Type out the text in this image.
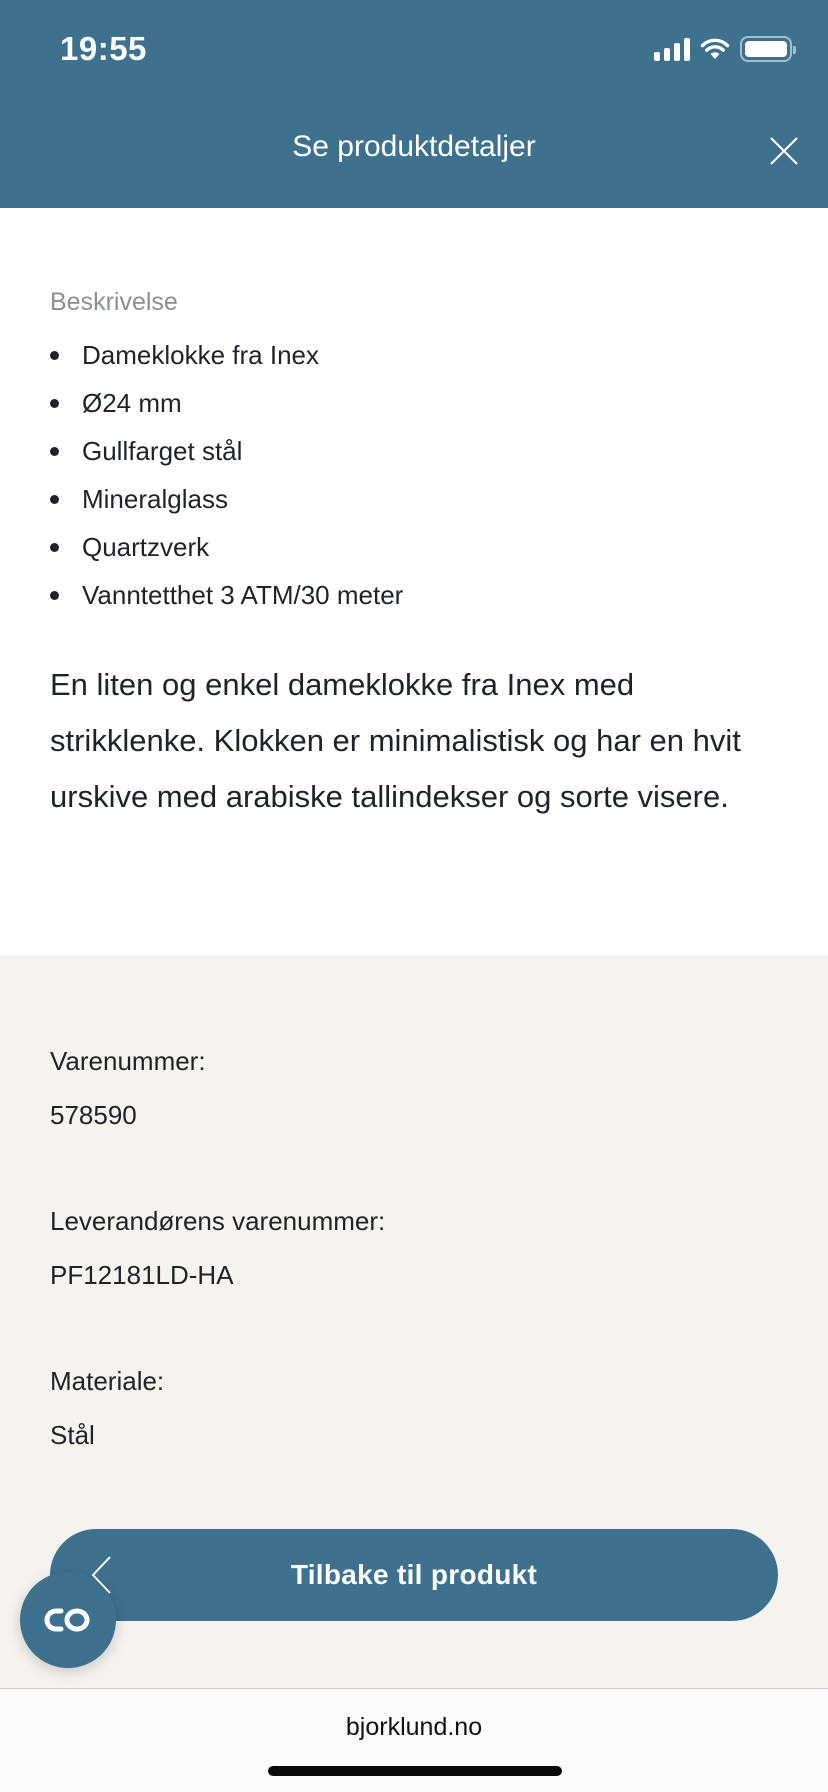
19:55
Se produktdetaljer
Beskrivelse
Dameklokke fra Inex
Ø24 mm
Gullfarget stål
Mineralglass
Quartzverk
Vanntetthet 3 ATM/30 meter

En liten og enkel dameklokke fra Inex med strikklenke. Klokken er minimalistisk og har en hvit urskive med arabiske tallindekser og sorte visere.

Varenummer:
578590
Leverandørens varenummer:
PF12181LD-HA
Materiale:
Stål
Tilbake til produkt
bjorklund.no
